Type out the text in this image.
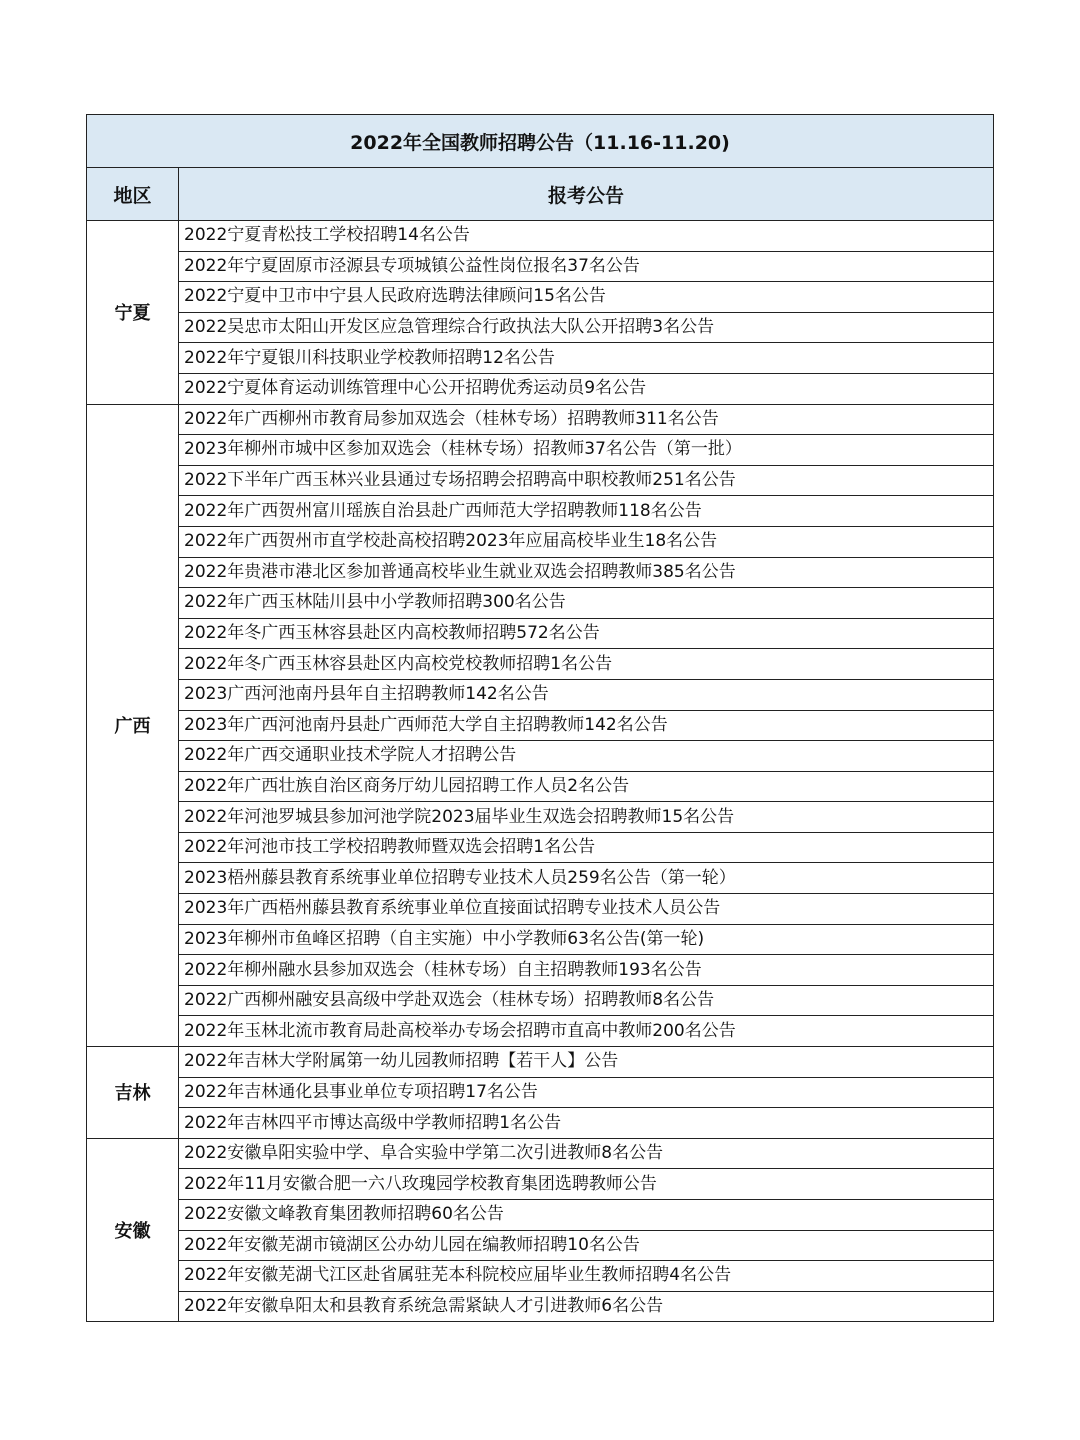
2022年全国教师招聘公告（11.16-11.20)	
地区	报考公告
宁夏	2022宁夏青松技工学校招聘14名公告
	2022年宁夏固原市泾源县专项城镇公益性岗位报名37名公告
	2022宁夏中卫市中宁县人民政府选聘法律顾问15名公告
	2022吴忠市太阳山开发区应急管理综合行政执法大队公开招聘3名公告
	2022年宁夏银川科技职业学校教师招聘12名公告
	2022宁夏体育运动训练管理中心公开招聘优秀运动员9名公告
广西	2022年广西柳州市教育局参加双选会（桂林专场）招聘教师311名公告
	2023年柳州市城中区参加双选会（桂林专场）招教师37名公告（第一批）
	2022下半年广西玉林兴业县通过专场招聘会招聘高中职校教师251名公告
	2022年广西贺州富川瑶族自治县赴广西师范大学招聘教师118名公告
	2022年广西贺州市直学校赴高校招聘2023年应届高校毕业生18名公告
	2022年贵港市港北区参加普通高校毕业生就业双选会招聘教师385名公告
	2022年广西玉林陆川县中小学教师招聘300名公告
	2022年冬广西玉林容县赴区内高校教师招聘572名公告
	2022年冬广西玉林容县赴区内高校党校教师招聘1名公告
	2023广西河池南丹县年自主招聘教师142名公告
	2023年广西河池南丹县赴广西师范大学自主招聘教师142名公告
	2022年广西交通职业技术学院人才招聘公告
	2022年广西壮族自治区商务厅幼儿园招聘工作人员2名公告
	2022年河池罗城县参加河池学院2023届毕业生双选会招聘教师15名公告
	2022年河池市技工学校招聘教师暨双选会招聘1名公告
	2023梧州藤县教育系统事业单位招聘专业技术人员259名公告（第一轮）
	2023年广西梧州藤县教育系统事业单位直接面试招聘专业技术人员公告
	2023年柳州市鱼峰区招聘（自主实施）中小学教师63名公告(第一轮)
	2022年柳州融水县参加双选会（桂林专场）自主招聘教师193名公告
	2022广西柳州融安县高级中学赴双选会（桂林专场）招聘教师8名公告
	2022年玉林北流市教育局赴高校举办专场会招聘市直高中教师200名公告
吉林	2022年吉林大学附属第一幼儿园教师招聘【若干人】公告
	2022年吉林通化县事业单位专项招聘17名公告
	2022年吉林四平市博达高级中学教师招聘1名公告
安徽	2022安徽阜阳实验中学、阜合实验中学第二次引进教师8名公告
	2022年11月安徽合肥一六八玫瑰园学校教育集团选聘教师公告
	2022安徽文峰教育集团教师招聘60名公告
	2022年安徽芜湖市镜湖区公办幼儿园在编教师招聘10名公告
	2022年安徽芜湖弋江区赴省属驻芜本科院校应届毕业生教师招聘4名公告
	2022年安徽阜阳太和县教育系统急需紧缺人才引进教师6名公告
